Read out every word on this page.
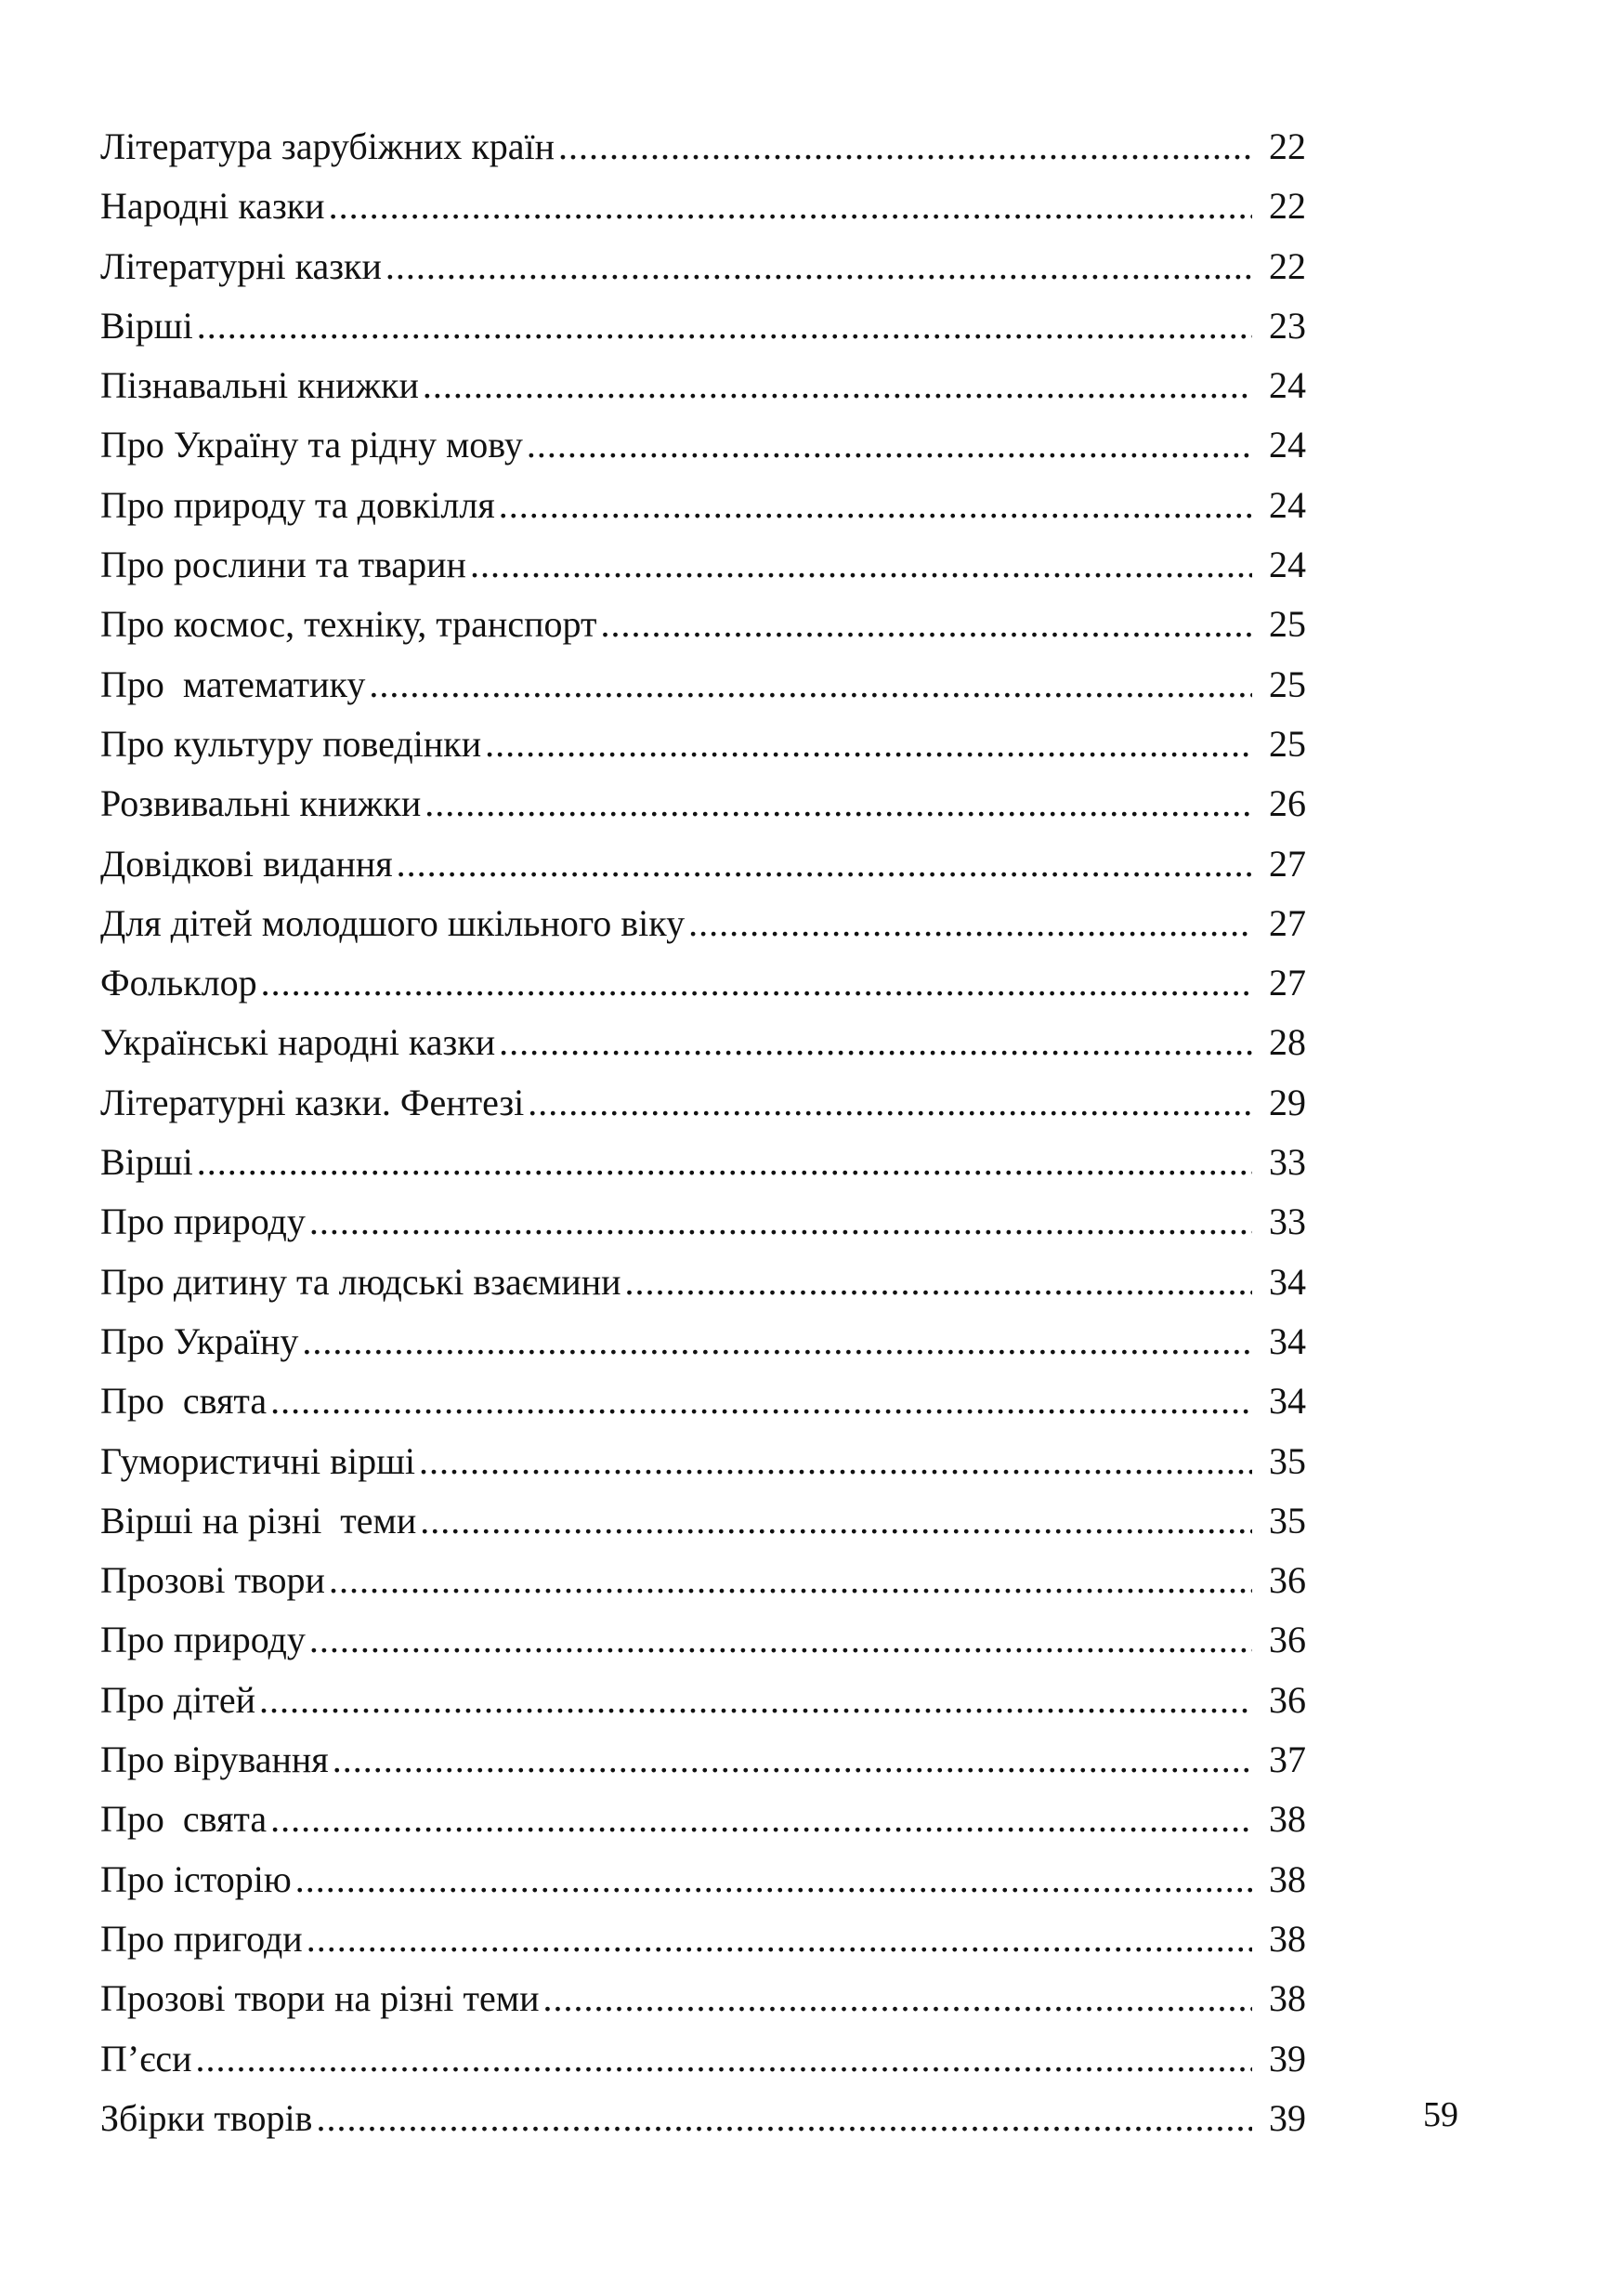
Література зарубіжних країн .....	22
Народні казки .....	22
Літературні казки .....	22
Вірші .....	23
Пізнавальні книжки .....	24
Про Україну та рідну мову .....	24
Про природу та довкілля .....	24
Про рослини та тварин .....	24
Про космос, техніку, транспорт .....	25
Про  математику .....	25
Про культуру поведінки .....	25
Розвивальні книжки .....	26
Довідкові видання .....	27
Для дітей молодшого шкільного віку .....	27
Фольклор .....	27
Українські народні казки .....	28
Літературні казки. Фентезі .....	29
Вірші .....	33
Про природу .....	33
Про дитину та людські взаємини .....	34
Про Україну .....	34
Про  свята .....	34
Гумористичні вірші .....	35
Вірші на різні  теми .....	35
Прозові твори .....	36
Про природу .....	36
Про дітей .....	36
Про вірування .....	37
Про  свята .....	38
Про історію .....	38
Про пригоди .....	38
Прозові твори на різні теми .....	38
П’єси .....	39
Збірки творів .....	39	59
